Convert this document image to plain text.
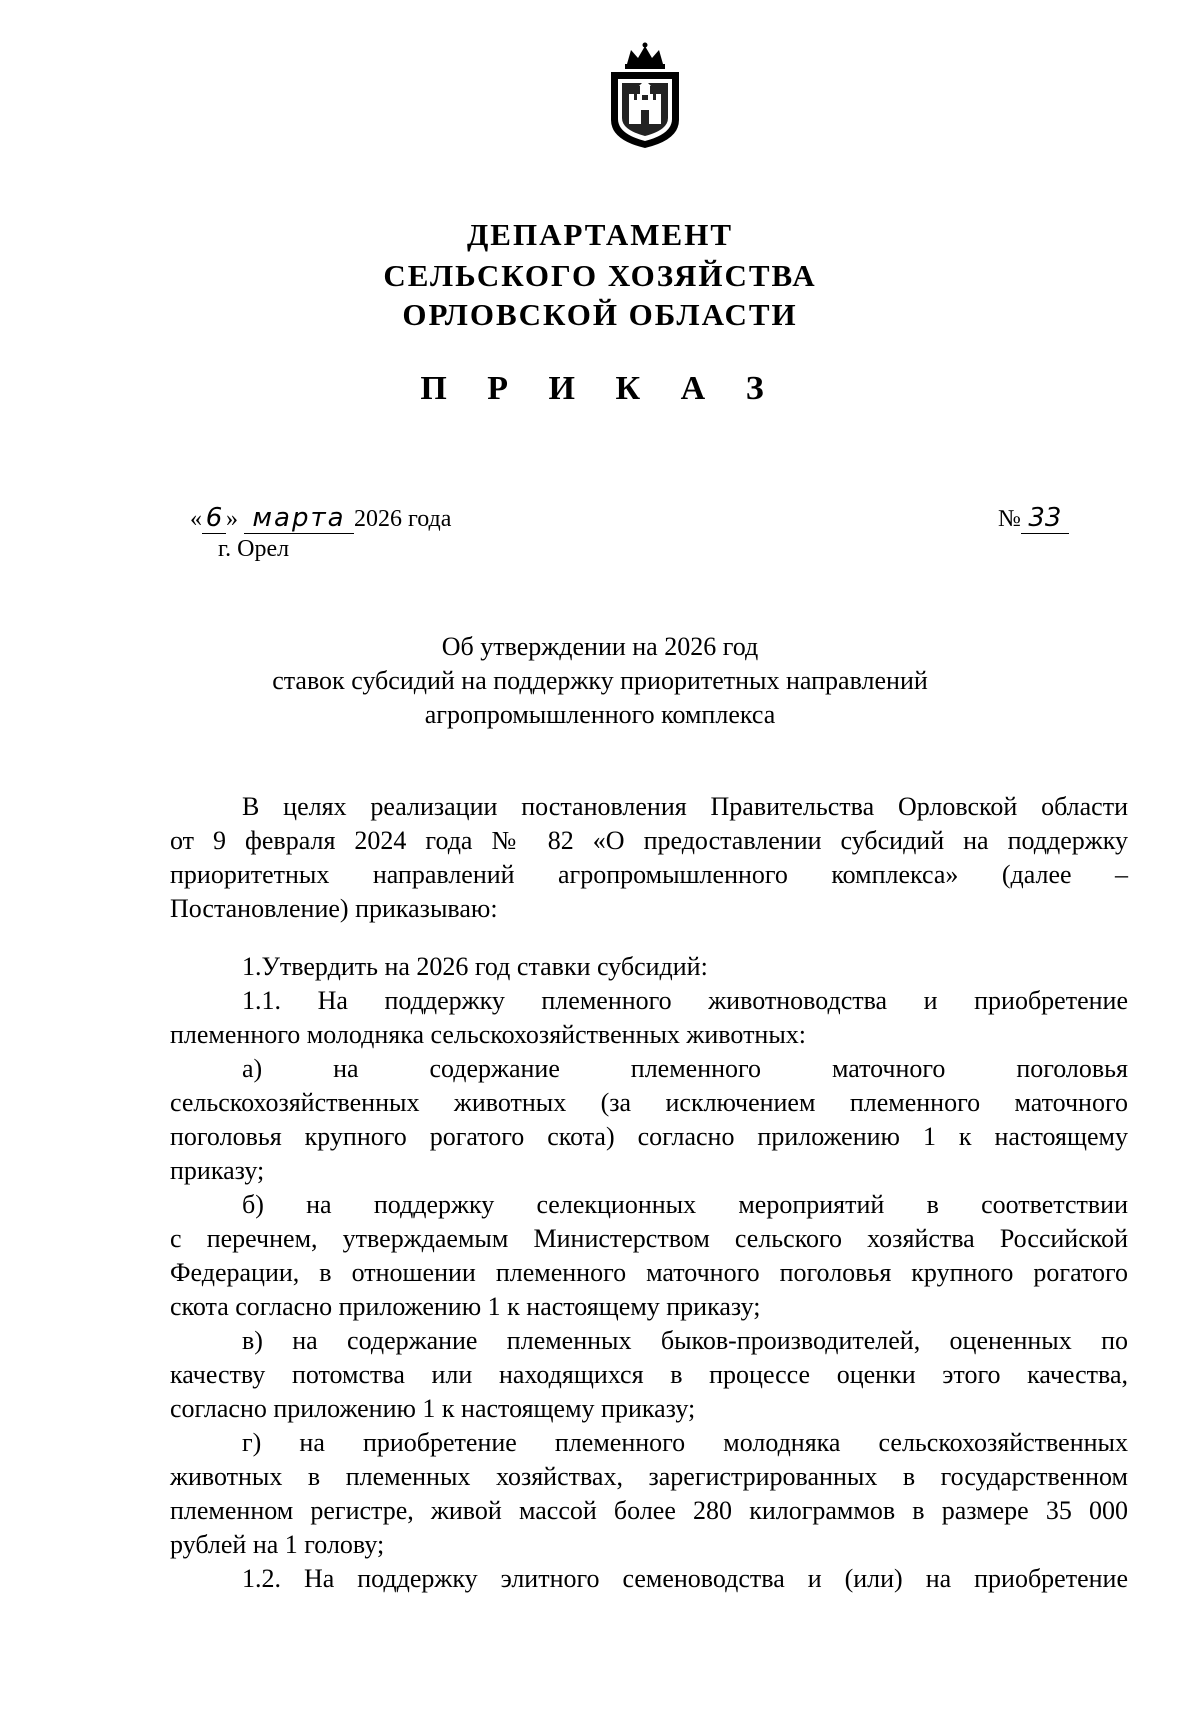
ДЕПАРТАМЕНТ
СЕЛЬСКОГО ХОЗЯЙСТВА
ОРЛОВСКОЙ ОБЛАСТИ
П Р И К А З
« 6 » марта 2026 года
г. Орел
№ 33
Об утверждении на 2026 год
ставок субсидий на поддержку приоритетных направлений
агропромышленного комплекса

В целях реализации постановления Правительства Орловской области

от 9 февраля 2024 года № 82 «О предоставлении субсидий на поддержку

приоритетных направлений агропромышленного комплекса» (далее –

Постановление) приказываю:

1.Утвердить на 2026 год ставки субсидий:

1.1. На поддержку племенного животноводства и приобретение

племенного молодняка сельскохозяйственных животных:

а) на содержание племенного маточного поголовья

сельскохозяйственных животных (за исключением племенного маточного

поголовья крупного рогатого скота) согласно приложению 1 к настоящему

приказу;

б) на поддержку селекционных мероприятий в соответствии

с перечнем, утверждаемым Министерством сельского хозяйства Российской

Федерации, в отношении племенного маточного поголовья крупного рогатого

скота согласно приложению 1 к настоящему приказу;

в) на содержание племенных быков-производителей, оцененных по

качеству потомства или находящихся в процессе оценки этого качества,

согласно приложению 1 к настоящему приказу;

г) на приобретение племенного молодняка сельскохозяйственных

животных в племенных хозяйствах, зарегистрированных в государственном

племенном регистре, живой массой более 280 килограммов в размере 35 000

рублей на 1 голову;

1.2. На поддержку элитного семеноводства и (или) на приобретение
